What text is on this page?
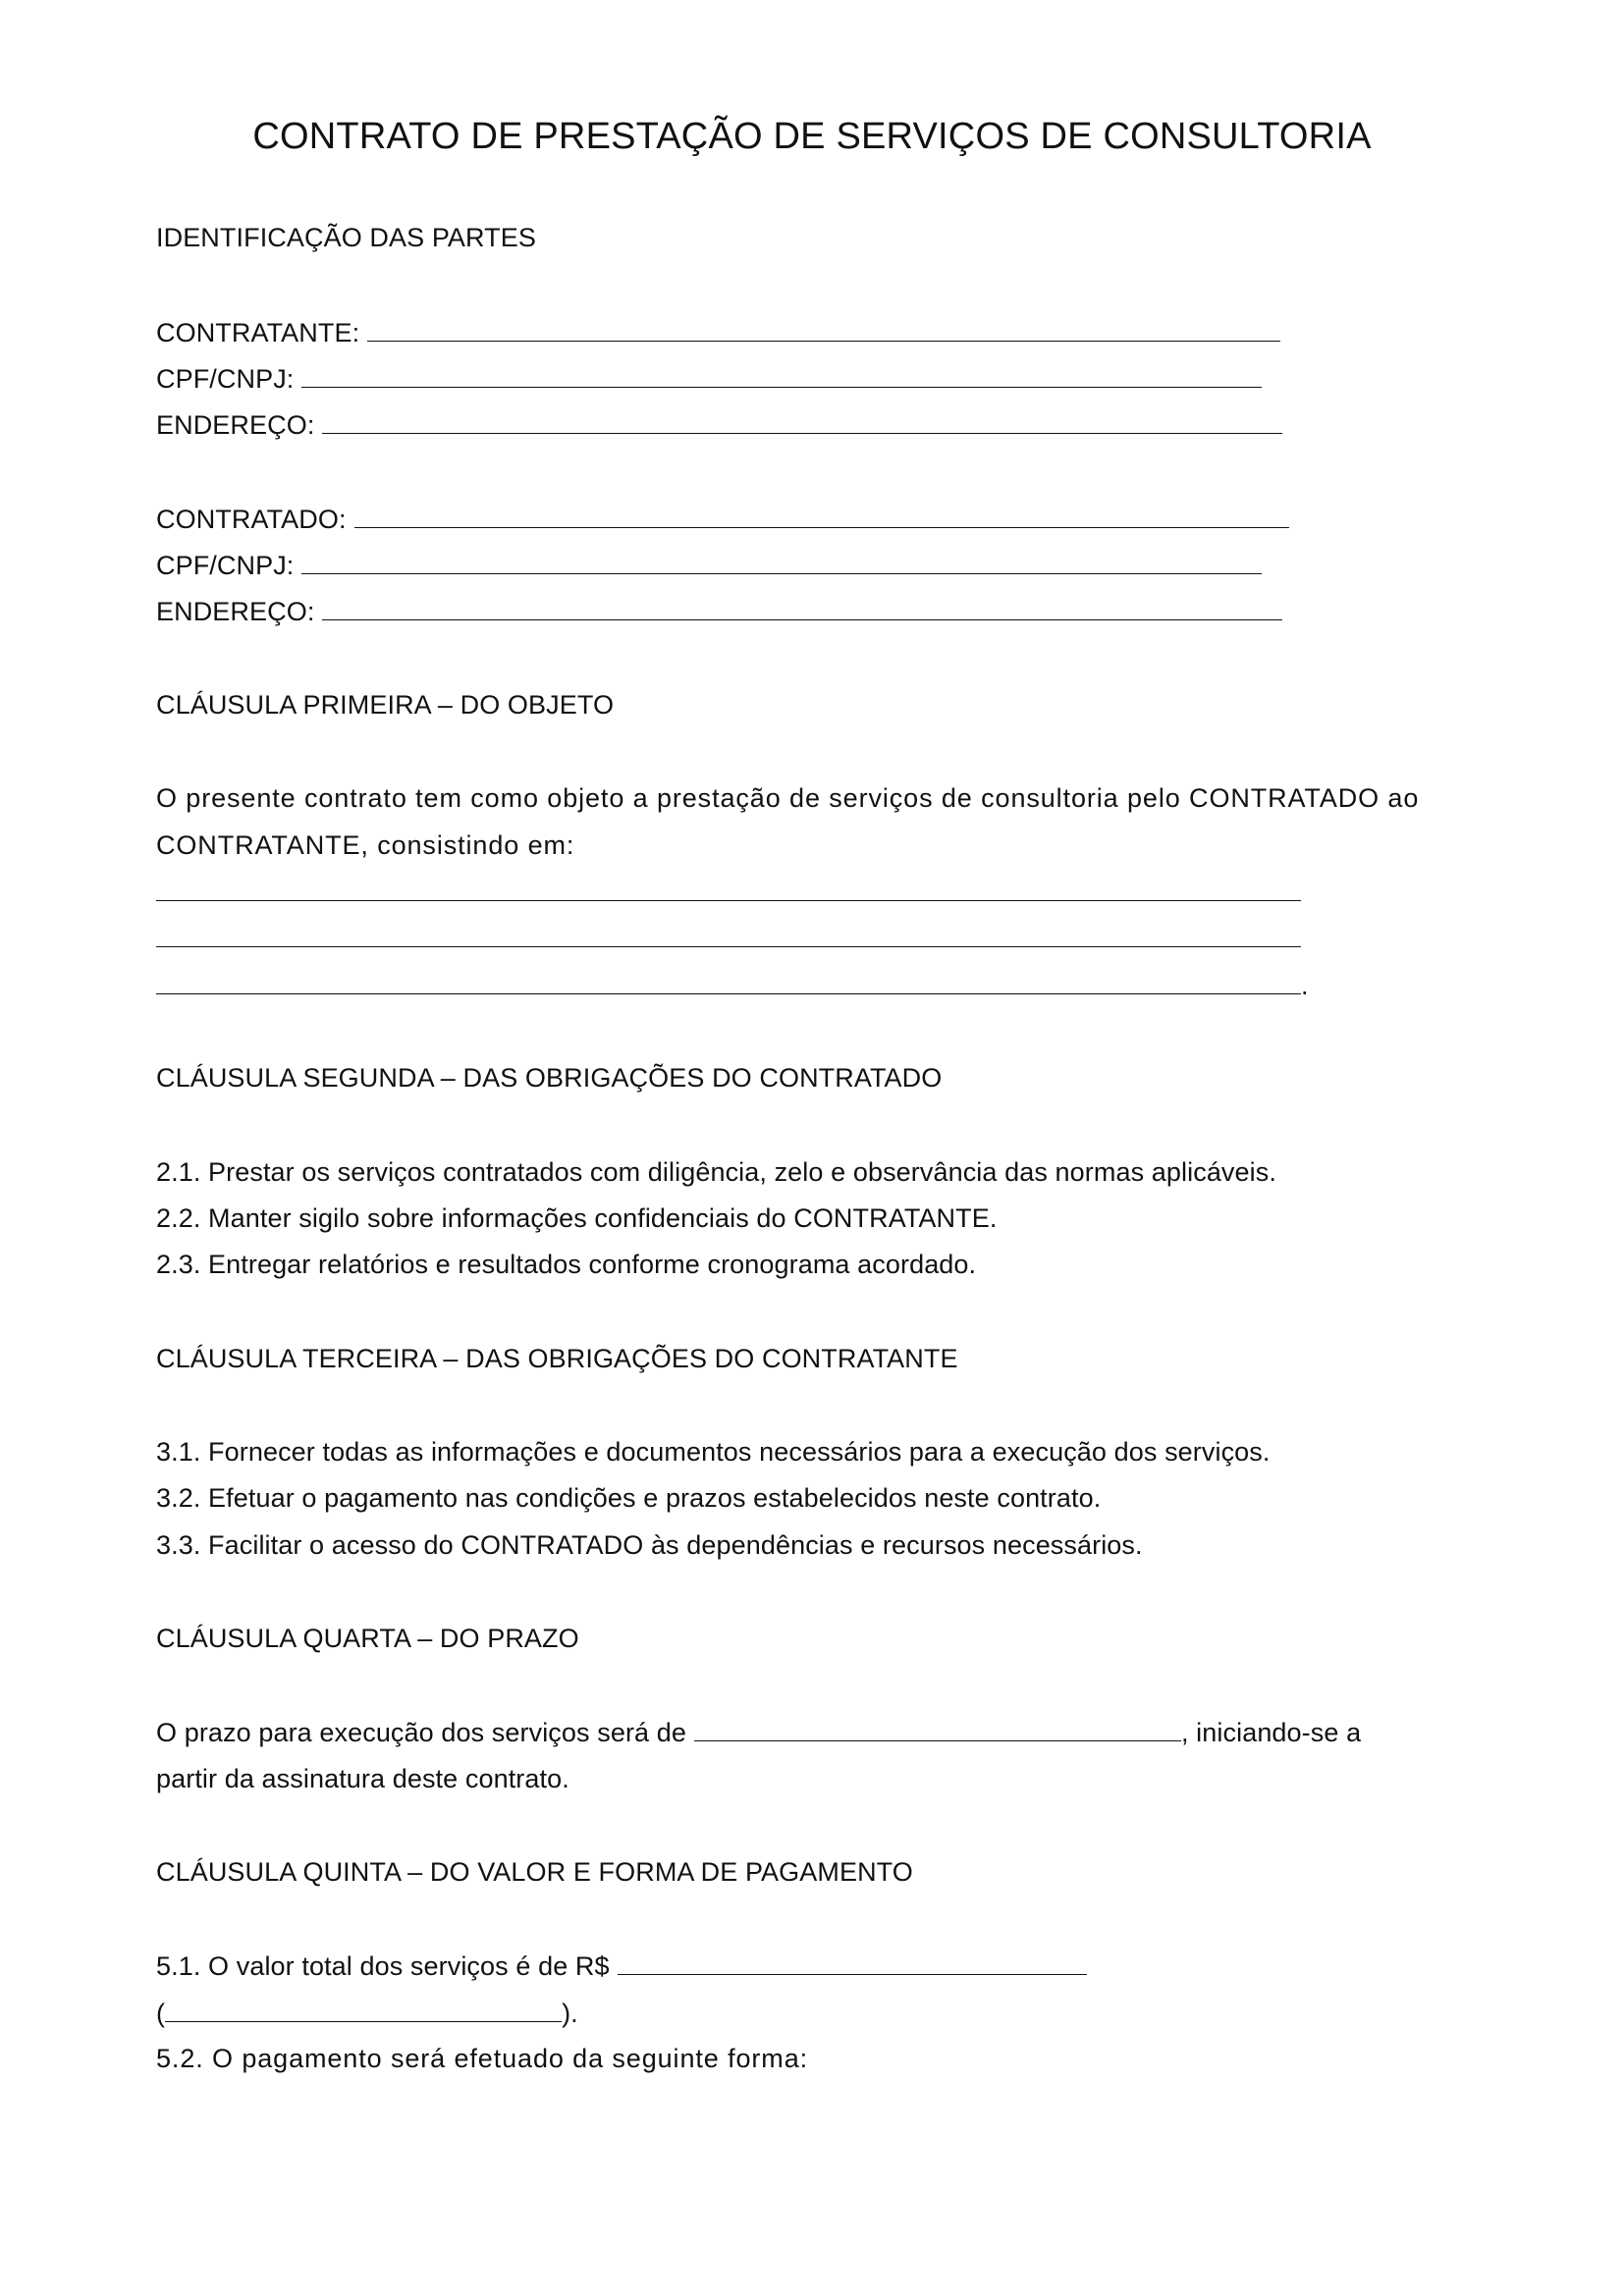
CONTRATO DE PRESTAÇÃO DE SERVIÇOS DE CONSULTORIA
IDENTIFICAÇÃO DAS PARTES
CONTRATANTE:
CPF/CNPJ:
ENDEREÇO:
CONTRATADO:
CPF/CNPJ:
ENDEREÇO:
CLÁUSULA PRIMEIRA – DO OBJETO
O presente contrato tem como objeto a prestação de serviços de consultoria pelo CONTRATADO ao
CONTRATANTE, consistindo em:
.
CLÁUSULA SEGUNDA – DAS OBRIGAÇÕES DO CONTRATADO
2.1. Prestar os serviços contratados com diligência, zelo e observância das normas aplicáveis.
2.2. Manter sigilo sobre informações confidenciais do CONTRATANTE.
2.3. Entregar relatórios e resultados conforme cronograma acordado.
CLÁUSULA TERCEIRA – DAS OBRIGAÇÕES DO CONTRATANTE
3.1. Fornecer todas as informações e documentos necessários para a execução dos serviços.
3.2. Efetuar o pagamento nas condições e prazos estabelecidos neste contrato.
3.3. Facilitar o acesso do CONTRATADO às dependências e recursos necessários.
CLÁUSULA QUARTA – DO PRAZO
O prazo para execução dos serviços será de	, iniciando-se a
partir da assinatura deste contrato.
CLÁUSULA QUINTA – DO VALOR E FORMA DE PAGAMENTO
5.1. O valor total dos serviços é de R$
(	).
5.2. O pagamento será efetuado da seguinte forma:
